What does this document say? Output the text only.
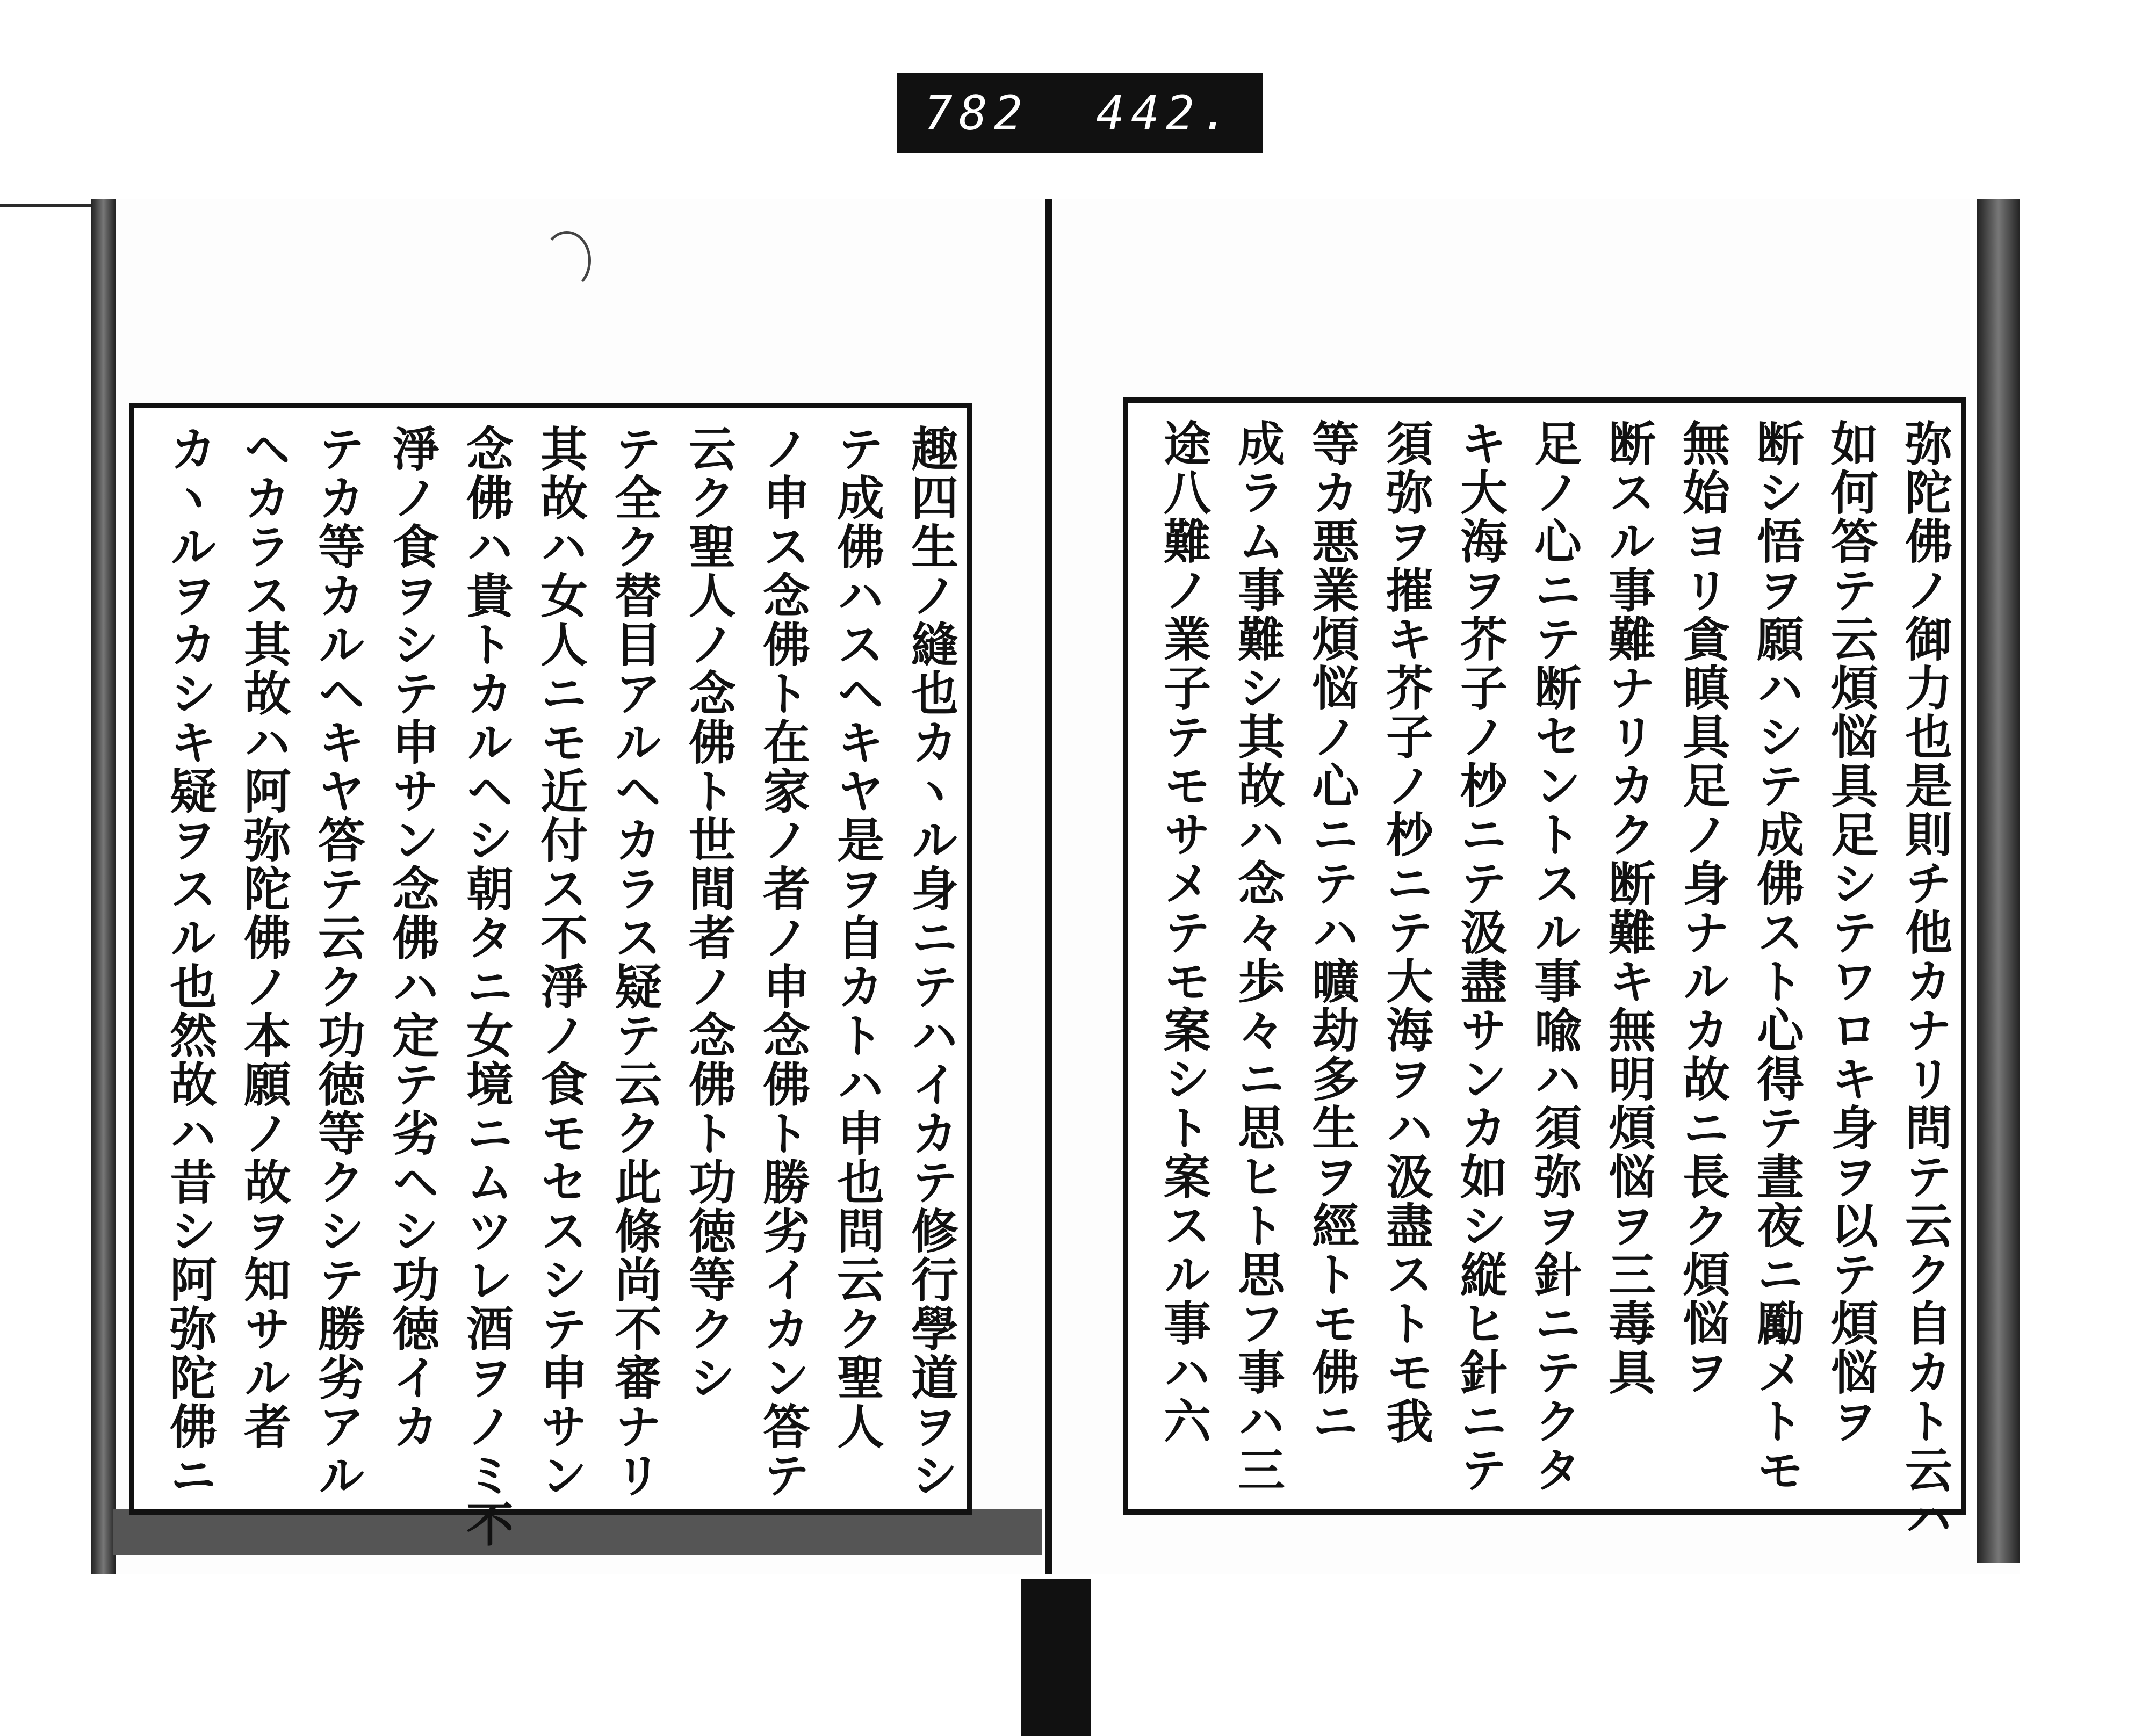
782 442.
趣四生ノ縫也カヽル身ニテハイカテ修行學道ヲシ
テ成佛ハスヘキヤ是ヲ自カトハ申也問云ク聖人
ノ申ス念佛ト在家ノ者ノ申念佛ト勝劣イカン答テ
云ク聖人ノ念佛ト世間者ノ念佛ト功徳等クシ
テ全ク替目アルヘカラス疑テ云ク此條尚不審ナリ
其故ハ女人ニモ近付ス不淨ノ食モセスシテ申サン
念佛ハ貴トカルヘシ朝タニ女境ニムツレ酒ヲノミ不
淨ノ食ヲシテ申サン念佛ハ定テ劣ヘシ功徳イカ
テカ等カルヘキヤ答テ云ク功徳等クシテ勝劣アル
ヘカラス其故ハ阿弥陀佛ノ本願ノ故ヲ知サル者
カヽルヲカシキ疑ヲスル也然故ハ昔シ阿弥陀佛ニ	弥陀佛ノ御力也是則チ他カナリ問テ云ク自カト云ハ
如何答テ云煩悩具足シテワロキ身ヲ以テ煩悩ヲ
断シ悟ヲ願ハシテ成佛スト心得テ晝夜ニ勵メトモ
無始ヨリ貪瞋具足ノ身ナルカ故ニ長ク煩悩ヲ
断スル事難ナリカク断難キ無明煩悩ヲ三毒具
足ノ心ニテ断セントスル事喩ハ須弥ヲ針ニテクタ
キ大海ヲ芥子ノ杪ニテ汲盡サンカ如シ縦ヒ針ニテ
須弥ヲ摧キ芥子ノ杪ニテ大海ヲハ汲盡ストモ我
等カ悪業煩悩ノ心ニテハ曠劫多生ヲ經トモ佛ニ
成ラム事難シ其故ハ念々歩々ニ思ヒト思フ事ハ三
途八難ノ業子テモサメテモ案シト案スル事ハ六
